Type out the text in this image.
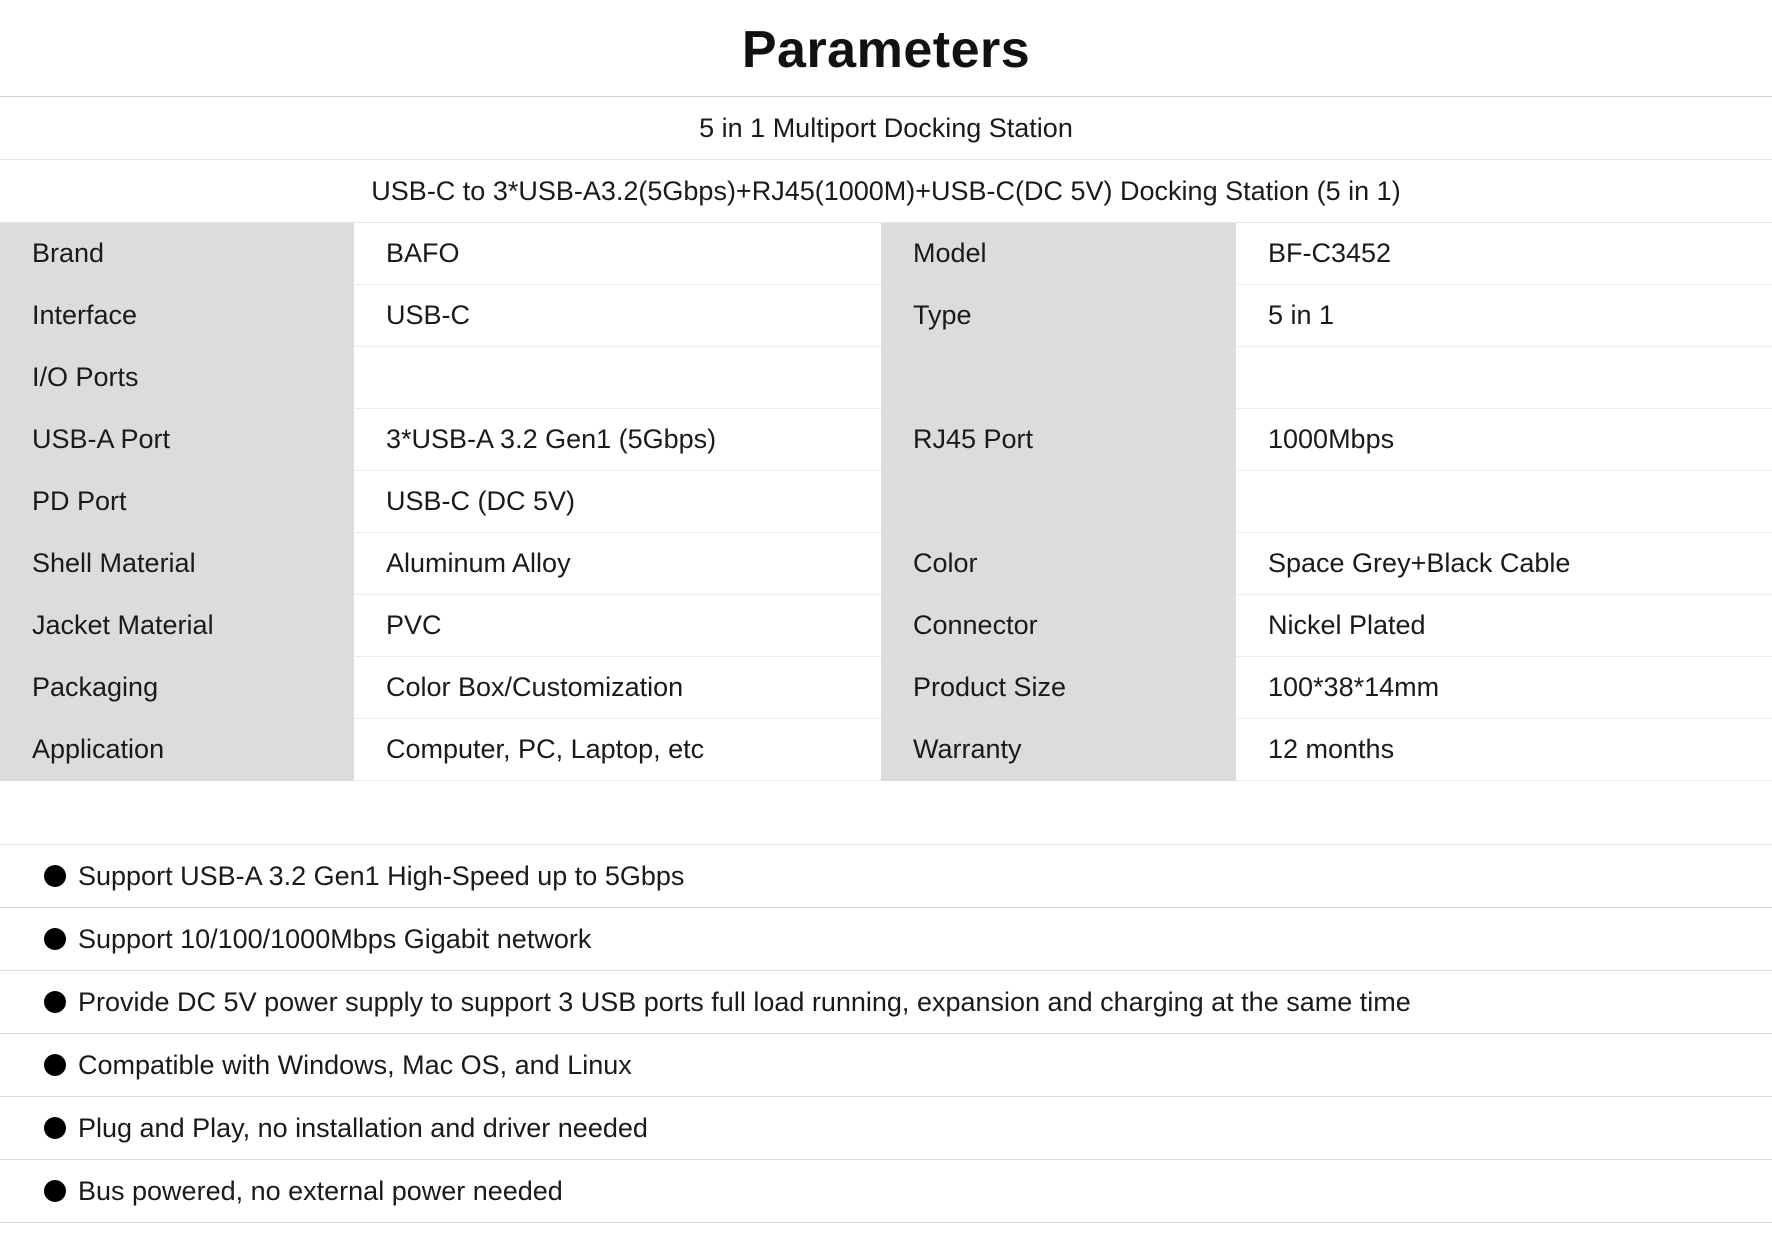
Parameters
5 in 1 Multiport Docking Station
USB-C to 3*USB-A3.2(5Gbps)+RJ45(1000M)+USB-C(DC 5V) Docking Station (5 in 1)
Brand	BAFO	Model	BF-C3452
Interface	USB-C	Type	5 in 1
I/O Ports			
USB-A Port	3*USB-A 3.2 Gen1 (5Gbps)	RJ45 Port	1000Mbps
PD Port	USB-C (DC 5V)		
Shell Material	Aluminum Alloy	Color	Space Grey+Black Cable
Jacket Material	PVC	Connector	Nickel Plated
Packaging	Color Box/Customization	Product Size	100*38*14mm
Application	Computer, PC, Laptop, etc	Warranty	12 months
Support USB-A 3.2 Gen1 High-Speed up to 5Gbps
Support 10/100/1000Mbps Gigabit network
Provide DC 5V power supply to support 3 USB ports full load running, expansion and charging at the same time
Compatible with Windows, Mac OS, and Linux
Plug and Play, no installation and driver needed
Bus powered, no external power needed
